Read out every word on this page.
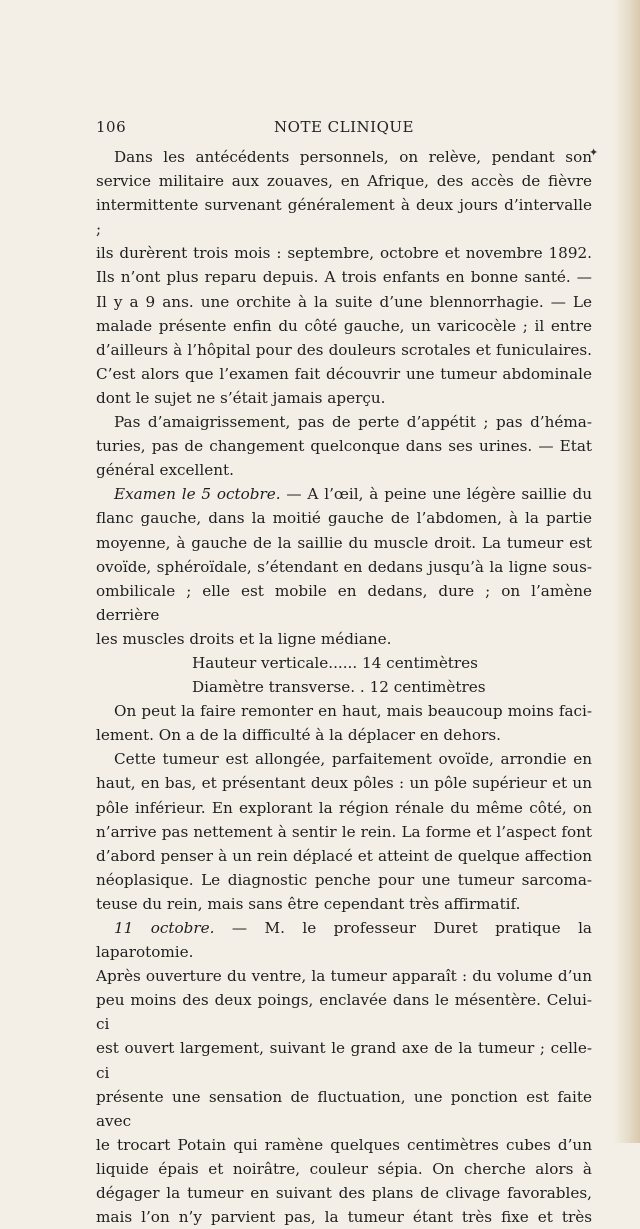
106	NOTE CLINIQUE
✦

Dans les antécédents personnels, on relève, pendant son

service militaire aux zouaves, en Afrique, des accès de fièvre

intermittente survenant généralement à deux jours d’intervalle ;

ils durèrent trois mois : septembre, octobre et novembre 1892.

Ils n’ont plus reparu depuis. A trois enfants en bonne santé. —

Il y a 9 ans. une orchite à la suite d’une blennorrhagie. — Le

malade présente enfin du côté gauche, un varicocèle ; il entre

d’ailleurs à l’hôpital pour des douleurs scrotales et funiculaires.

C’est alors que l’examen fait découvrir une tumeur abdominale

dont le sujet ne s’était jamais aperçu.

Pas d’amaigrissement, pas de perte d’appétit ; pas d’héma-

turies, pas de changement quelconque dans ses urines. — Etat

général excellent.

Examen le 5 octobre. — A l’œil, à peine une légère saillie du

flanc gauche, dans la moitié gauche de l’abdomen, à la partie

moyenne, à gauche de la saillie du muscle droit. La tumeur est

ovoïde, sphéroïdale, s’étendant en dedans jusqu’à la ligne sous-

ombilicale ; elle est mobile en dedans, dure ; on l’amène derrière

les muscles droits et la ligne médiane.

Hauteur verticale...... 14 centimètres
Diamètre transverse. . 12 centimètres

On peut la faire remonter en haut, mais beaucoup moins faci-

lement. On a de la difficulté à la déplacer en dehors.

Cette tumeur est allongée, parfaitement ovoïde, arrondie en

haut, en bas, et présentant deux pôles : un pôle supérieur et un

pôle inférieur. En explorant la région rénale du même côté, on

n’arrive pas nettement à sentir le rein. La forme et l’aspect font

d’abord penser à un rein déplacé et atteint de quelque affection

néoplasique. Le diagnostic penche pour une tumeur sarcoma-

teuse du rein, mais sans être cependant très affirmatif.

11 octobre. — M. le professeur Duret pratique la laparotomie.

Après ouverture du ventre, la tumeur apparaît : du volume d’un

peu moins des deux poings, enclavée dans le mésentère. Celui-ci

est ouvert largement, suivant le grand axe de la tumeur ; celle-ci

présente une sensation de fluctuation, une ponction est faite avec

le trocart Potain qui ramène quelques centimètres cubes d’un

liquide épais et noirâtre, couleur sépia. On cherche alors à

dégager la tumeur en suivant des plans de clivage favorables,

mais l’on n’y parvient pas, la tumeur étant très fixe et très
